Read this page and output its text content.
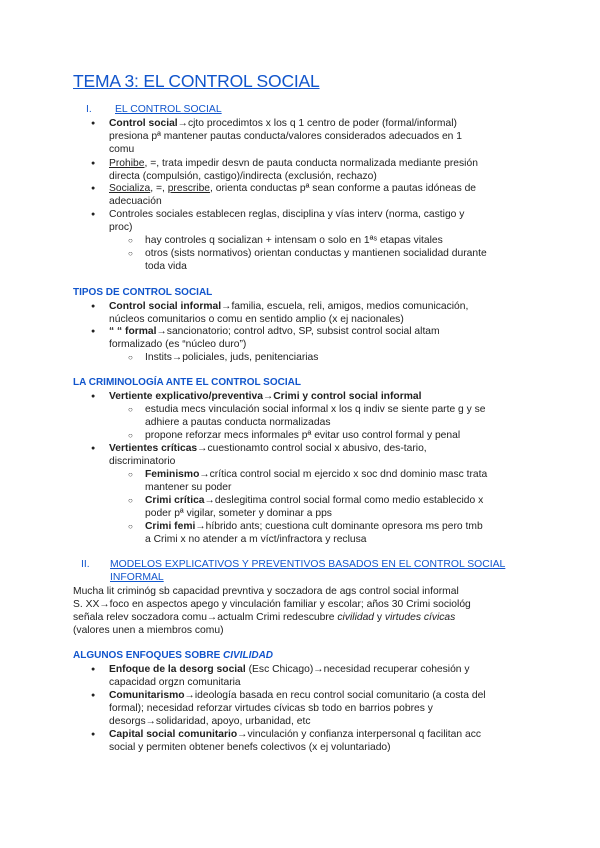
TEMA 3: EL CONTROL SOCIAL
I. EL CONTROL SOCIAL
● Control social→cjto procedimtos x los q 1 centro de poder (formal/informal)
presiona pª mantener pautas conducta/valores considerados adecuados en 1
comu
● Prohibe, =, trata impedir desvn de pauta conducta normalizada mediante presión
directa (compulsión, castigo)/indirecta (exclusión, rechazo)
● Socializa, =, prescribe, orienta conductas pª sean conforme a pautas idóneas de
adecuación
● Controles sociales establecen reglas, disciplina y vías interv (norma, castigo y
proc)
○ hay controles q socializan + intensam o solo en 1ªˢ etapas vitales
○ otros (sists normativos) orientan conductas y mantienen socialidad durante
toda vida
TIPOS DE CONTROL SOCIAL
● Control social informal→familia, escuela, reli, amigos, medios comunicación,
núcleos comunitarios o comu en sentido amplio (x ej nacionales)
● “ “ formal→sancionatorio; control adtvo, SP, subsist control social altam
formalizado (es “núcleo duro”)
○ Instits→policiales, juds, penitenciarias
LA CRIMINOLOGÍA ANTE EL CONTROL SOCIAL
● Vertiente explicativo/preventiva→Crimi y control social informal
○ estudia mecs vinculación social informal x los q indiv se siente parte g y se
adhiere a pautas conducta normalizadas
○ propone reforzar mecs informales pª evitar uso control formal y penal
● Vertientes críticas→cuestionamto control social x abusivo, des-tario,
discriminatorio
○ Feminismo→crítica control social m ejercido x soc dnd dominio masc trata
mantener su poder
○ Crimi crítica→deslegitima control social formal como medio establecido x
poder pª vigilar, someter y dominar a pps
○ Crimi femi→híbrido ants; cuestiona cult dominante opresora ms pero tmb
a Crimi x no atender a m víct/infractora y reclusa
II. MODELOS EXPLICATIVOS Y PREVENTIVOS BASADOS EN EL CONTROL SOCIAL
INFORMAL
Mucha lit criminóg sb capacidad prevntiva y soczadora de ags control social informal
S. XX→foco en aspectos apego y vinculación familiar y escolar; años 30 Crimi sociológ
señala relev soczadora comu→actualm Crimi redescubre civilidad y virtudes cívicas
(valores unen a miembros comu)
ALGUNOS ENFOQUES SOBRE CIVILIDAD
● Enfoque de la desorg social (Esc Chicago)→necesidad recuperar cohesión y
capacidad orgzn comunitaria
● Comunitarismo→ideología basada en recu control social comunitario (a costa del
formal); necesidad reforzar virtudes cívicas sb todo en barrios pobres y
desorgs→solidaridad, apoyo, urbanidad, etc
● Capital social comunitario→vinculación y confianza interpersonal q facilitan acc
social y permiten obtener benefs colectivos (x ej voluntariado)
